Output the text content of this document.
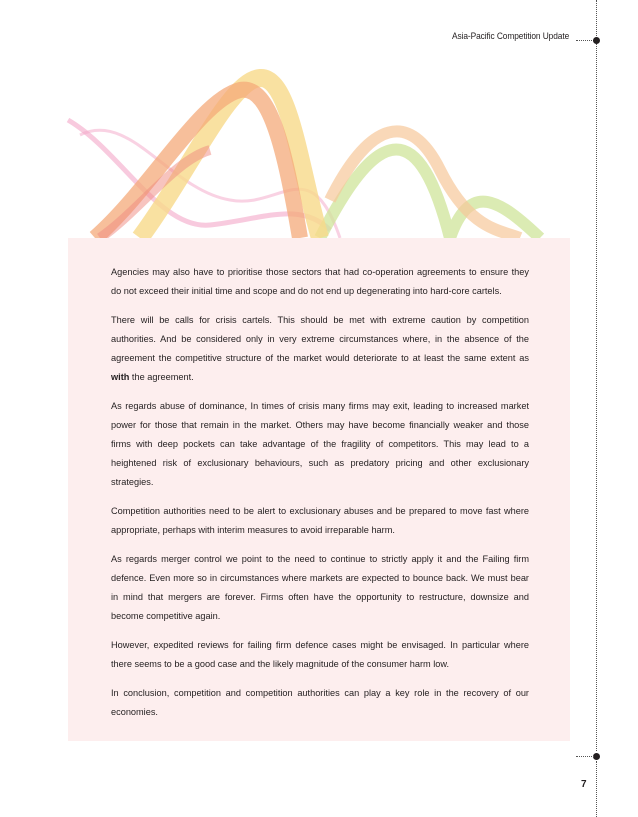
Asia-Pacific Competition Update
7

Agencies may also have to prioritise those sectors that had co-operation agreements to ensure they do not exceed their initial time and scope and do not end up degenerating into hard-core cartels.

There will be calls for crisis cartels. This should be met with extreme caution by competition authorities. And be considered only in very extreme circumstances where, in the absence of the agreement the competitive structure of the market would deteriorate to at least the same extent as with the agreement.

As regards abuse of dominance, In times of crisis many firms may exit, leading to increased market power for those that remain in the market. Others may have become financially weaker and those firms with deep pockets can take advantage of the fragility of competitors. This may lead to a heightened risk of exclusionary behaviours, such as predatory pricing and other exclusionary strategies.

Competition authorities need to be alert to exclusionary abuses and be prepared to move fast where appropriate, perhaps with interim measures to avoid irreparable harm.

As regards merger control we point to the need to continue to strictly apply it and the Failing firm defence. Even more so in circumstances where markets are expected to bounce back. We must bear in mind that mergers are forever. Firms often have the opportunity to restructure, downsize and become competitive again.

However, expedited reviews for failing firm defence cases might be envisaged. In particular where there seems to be a good case and the likely magnitude of the consumer harm low.

In conclusion, competition and competition authorities can play a key role in the recovery of our economies.
